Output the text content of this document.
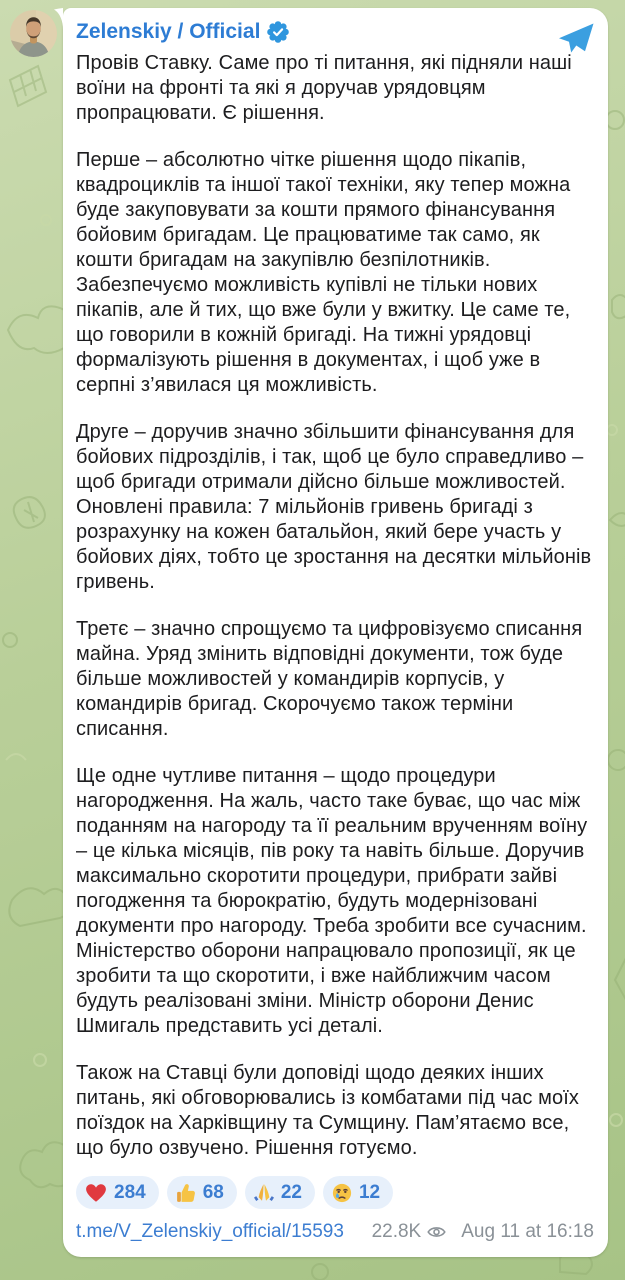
Zelenskiy / Official

Провів Ставку. Саме про ті питання, які підняли наші воїни на фронті та які я доручав урядовцям пропрацювати. Є рішення.

Перше – абсолютно чітке рішення щодо пікапів, квадроциклів та іншої такої техніки, яку тепер можна буде закуповувати за кошти прямого фінансування бойовим бригадам. Це працюватиме так само, як кошти бригадам на закупівлю безпілотників. Забезпечуємо можливість купівлі не тільки нових пікапів, але й тих, що вже були у вжитку. Це саме те, що говорили в кожній бригаді. На тижні урядовці формалізують рішення в документах, і щоб уже в серпні з’явилася ця можливість.

Друге – доручив значно збільшити фінансування для бойових підрозділів, і так, щоб це було справедливо – щоб бригади отримали дійсно більше можливостей. Оновлені правила: 7 мільйонів гривень бригаді з розрахунку на кожен батальйон, який бере участь у бойових діях, тобто це зростання на десятки мільйонів гривень.

Третє – значно спрощуємо та цифровізуємо списання майна. Уряд змінить відповідні документи, тож буде більше можливостей у командирів корпусів, у командирів бригад. Скорочуємо також терміни списання.

Ще одне чутливе питання – щодо процедури нагородження. На жаль, часто таке буває, що час між поданням на нагороду та її реальним врученням воїну – це кілька місяців, пів року та навіть більше. Доручив максимально скоротити процедури, прибрати зайві погодження та бюрократію, будуть модернізовані документи про нагороду. Треба зробити все сучасним. Міністерство оборони напрацювало пропозиції, як це зробити та що скоротити, і вже найближчим часом будуть реалізовані зміни. Міністр оборони Денис Шмигаль представить усі деталі.

Також на Ставці були доповіді щодо деяких інших питань, які обговорювались із комбатами під час моїх поїздок на Харківщину та Сумщину. Пам’ятаємо все, що було озвучено. Рішення готуємо.

284	68	22	12
t.me/V_Zelenskiy_official/15593 22.8K Aug 11 at 16:18
